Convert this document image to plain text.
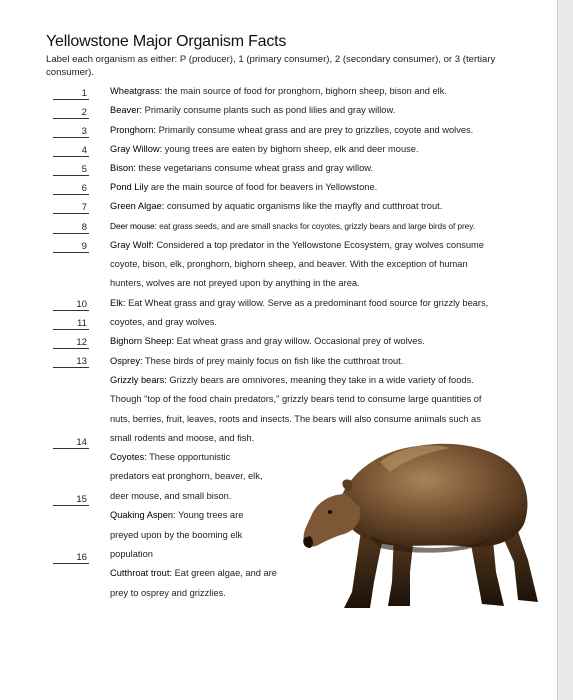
Yellowstone Major Organism Facts
Label each organism as either: P (producer), 1 (primary consumer), 2 (secondary consumer), or 3 (tertiary consumer).
1
2
3
4
5
6
7
8
9
10
11
12
13
14
15
16
Wheatgrass: the main source of food for pronghorn, bighorn sheep, bison and elk.
Beaver: Primarily consume plants such as pond lilies and gray willow.
Pronghorn: Primarily consume wheat grass and are prey to grizzlies, coyote and wolves.
Gray Willow: young trees are eaten by bighorn sheep, elk and deer mouse.
Bison: these vegetarians consume wheat grass and gray willow.
Pond Lily are the main source of food for beavers in Yellowstone.
Green Algae: consumed by aquatic organisms like the mayfly and cutthroat trout.
Deer mouse: eat grass seeds, and are small snacks for coyotes, grizzly bears and large birds of prey.
Gray Wolf: Considered a top predator in the Yellowstone Ecosystem, gray wolves consume
coyote, bison, elk, pronghorn, bighorn sheep, and beaver. With the exception of human
hunters, wolves are not preyed upon by anything in the area.
Elk: Eat Wheat grass and gray willow. Serve as a predominant food source for grizzly bears,
coyotes, and gray wolves.
Bighorn Sheep: Eat wheat grass and gray willow. Occasional prey of wolves.
Osprey: These birds of prey mainly focus on fish like the cutthroat trout.
Grizzly bears: Grizzly bears are omnivores, meaning they take in a wide variety of foods.
Though "top of the food chain predators," grizzly bears tend to consume large quantities of
nuts, berries, fruit, leaves, roots and insects. The bears will also consume animals such as
small rodents and moose, and fish.
Coyotes: These opportunistic
predators eat pronghorn, beaver, elk,
deer mouse, and small bison.
Quaking Aspen: Young trees are
preyed upon by the booming elk
population
Cutthroat trout: Eat green algae, and are
prey to osprey and grizzlies.
